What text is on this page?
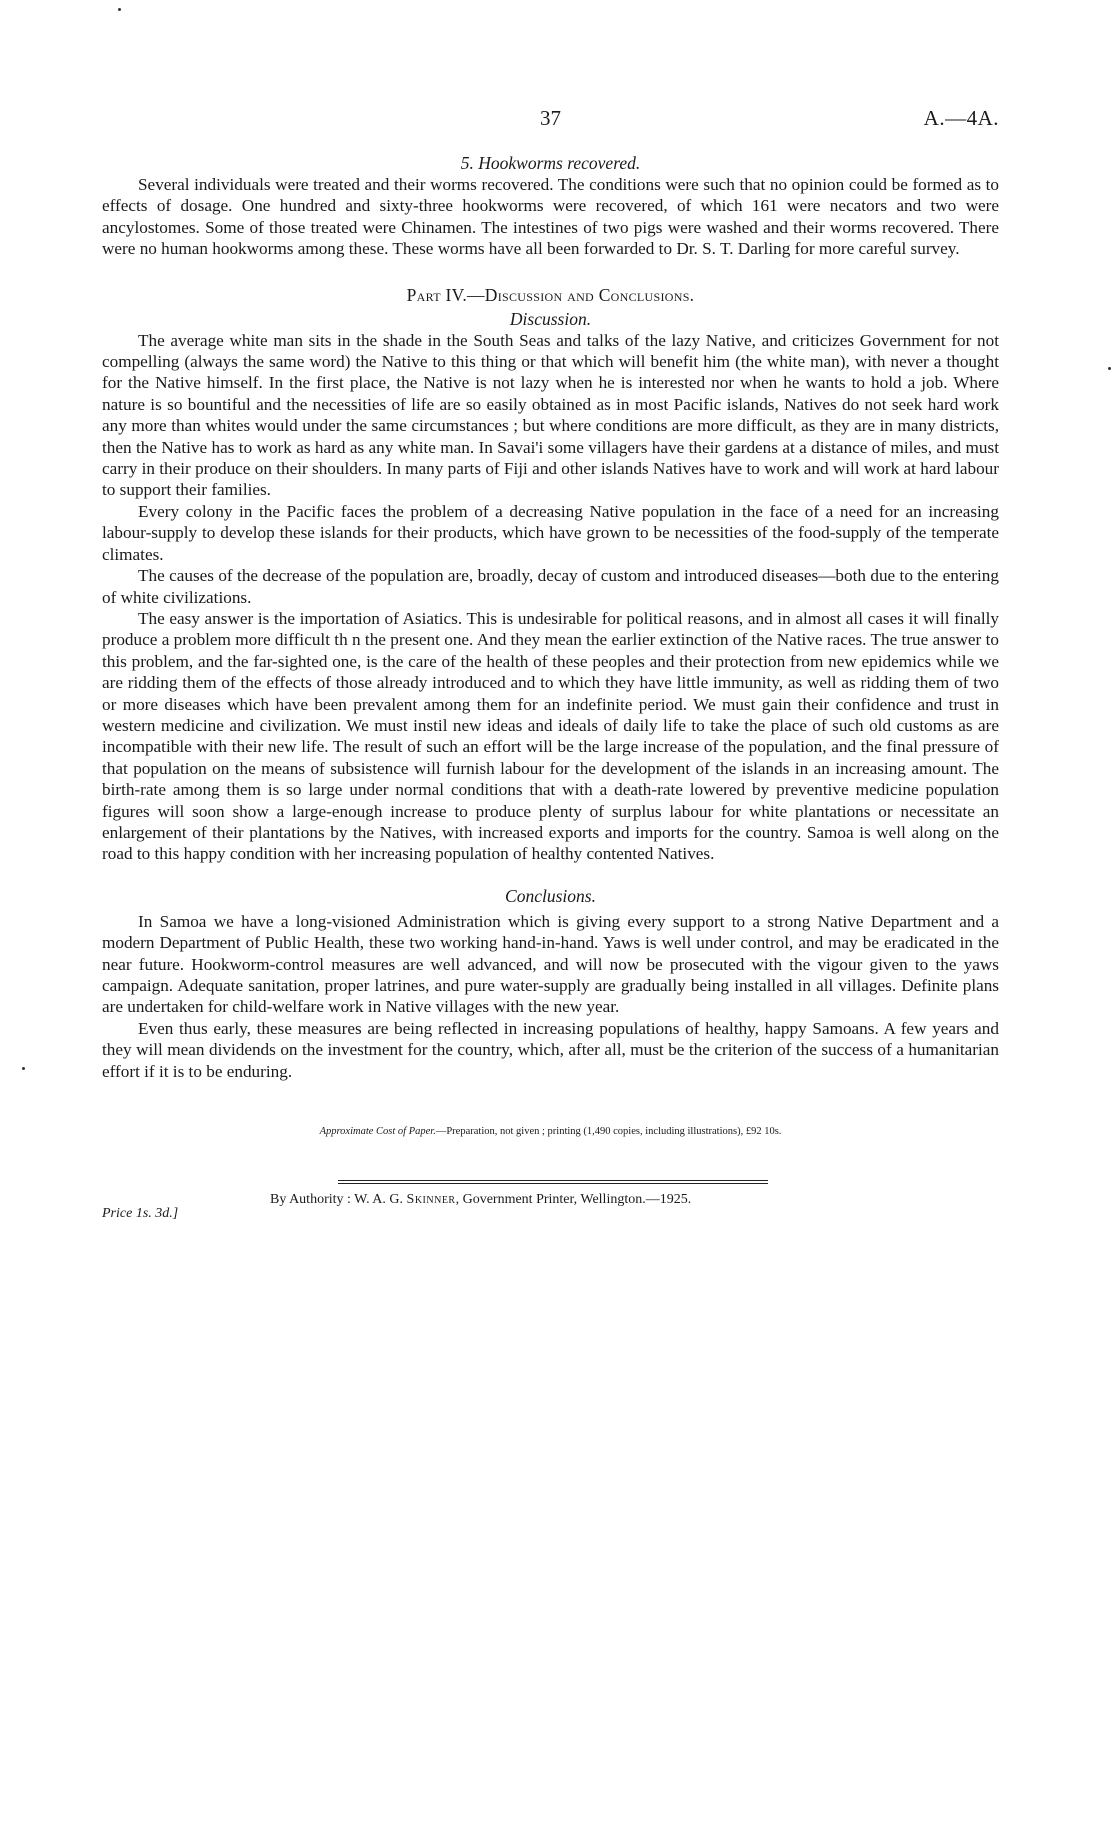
37	A.—4A.
5. Hookworms recovered.

Several individuals were treated and their worms recovered. The conditions were such that no opinion could be formed as to effects of dosage. One hundred and sixty-three hookworms were recovered, of which 161 were necators and two were ancylostomes. Some of those treated were Chinamen. The intestines of two pigs were washed and their worms recovered. There were no human hookworms among these. These worms have all been forwarded to Dr. S. T. Darling for more careful survey.

Part IV.—Discussion and Conclusions.
Discussion.

The average white man sits in the shade in the South Seas and talks of the lazy Native, and criticizes Government for not compelling (always the same word) the Native to this thing or that which will benefit him (the white man), with never a thought for the Native himself. In the first place, the Native is not lazy when he is interested nor when he wants to hold a job. Where nature is so bountiful and the necessities of life are so easily obtained as in most Pacific islands, Natives do not seek hard work any more than whites would under the same circumstances ; but where conditions are more difficult, as they are in many districts, then the Native has to work as hard as any white man. In Savai'i some villagers have their gardens at a distance of miles, and must carry in their produce on their shoulders. In many parts of Fiji and other islands Natives have to work and will work at hard labour to support their families.

Every colony in the Pacific faces the problem of a decreasing Native population in the face of a need for an increasing labour-supply to develop these islands for their products, which have grown to be necessities of the food-supply of the temperate climates.

The causes of the decrease of the population are, broadly, decay of custom and introduced diseases—both due to the entering of white civilizations.

The easy answer is the importation of Asiatics. This is undesirable for political reasons, and in almost all cases it will finally produce a problem more difficult th n the present one. And they mean the earlier extinction of the Native races. The true answer to this problem, and the far-sighted one, is the care of the health of these peoples and their protection from new epidemics while we are ridding them of the effects of those already introduced and to which they have little immunity, as well as ridding them of two or more diseases which have been prevalent among them for an indefinite period. We must gain their confidence and trust in western medicine and civilization. We must instil new ideas and ideals of daily life to take the place of such old customs as are incompatible with their new life. The result of such an effort will be the large increase of the population, and the final pressure of that population on the means of subsistence will furnish labour for the development of the islands in an increasing amount. The birth-rate among them is so large under normal conditions that with a death-rate lowered by preventive medicine population figures will soon show a large-enough increase to produce plenty of surplus labour for white plantations or necessitate an enlargement of their plantations by the Natives, with increased exports and imports for the country. Samoa is well along on the road to this happy condition with her increasing population of healthy contented Natives.

Conclusions.

In Samoa we have a long-visioned Administration which is giving every support to a strong Native Department and a modern Department of Public Health, these two working hand-in-hand. Yaws is well under control, and may be eradicated in the near future. Hookworm-control measures are well advanced, and will now be prosecuted with the vigour given to the yaws campaign. Adequate sanitation, proper latrines, and pure water-supply are gradually being installed in all villages. Definite plans are undertaken for child-welfare work in Native villages with the new year.

Even thus early, these measures are being reflected in increasing populations of healthy, happy Samoans. A few years and they will mean dividends on the investment for the country, which, after all, must be the criterion of the success of a humanitarian effort if it is to be enduring.

Approximate Cost of Paper.—Preparation, not given ; printing (1,490 copies, including illustrations), £92 10s.
By Authority : W. A. G. Skinner, Government Printer, Wellington.—1925.
Price 1s. 3d.]
